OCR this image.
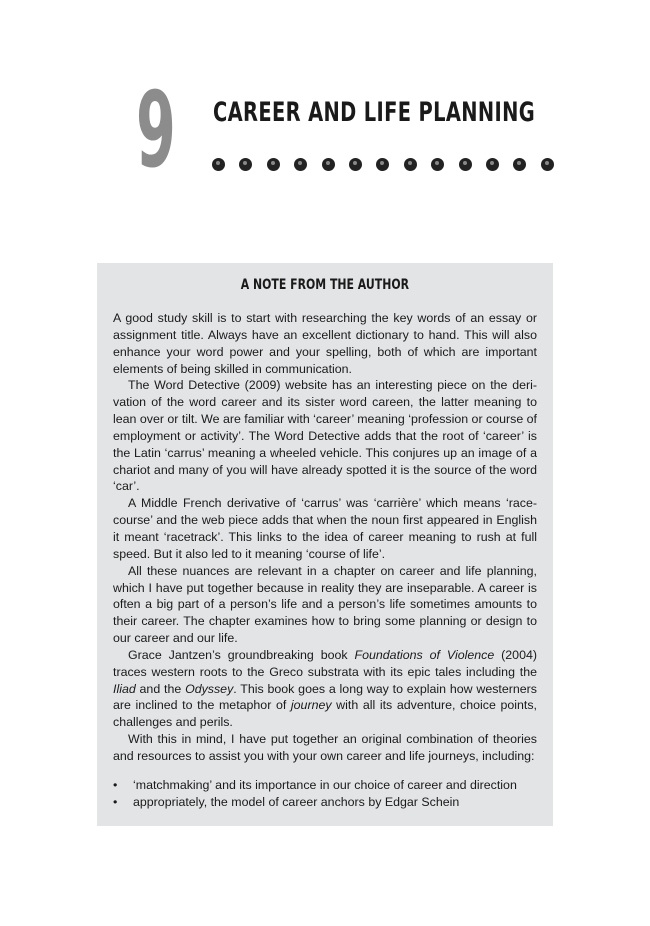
9 CAREER AND LIFE PLANNING
A NOTE FROM THE AUTHOR

A good study skill is to start with researching the key words of an essay or assignment title. Always have an excellent dictionary to hand. This will also enhance your word power and your spelling, both of which are important elements of being skilled in communication.

The Word Detective (2009) website has an interesting piece on the derivation of the word career and its sister word careen, the latter meaning to lean over or tilt. We are familiar with ‘career’ meaning ‘profession or course of employment or activity’. The Word Detective adds that the root of ‘career’ is the Latin ‘carrus’ meaning a wheeled vehicle. This conjures up an image of a chariot and many of you will have already spotted it is the source of the word ‘car’.

A Middle French derivative of ‘carrus’ was ‘carrière’ which means ‘racecourse’ and the web piece adds that when the noun first appeared in English it meant ‘racetrack’. This links to the idea of career meaning to rush at full speed. But it also led to it meaning ‘course of life’.

All these nuances are relevant in a chapter on career and life planning, which I have put together because in reality they are inseparable. A career is often a big part of a person’s life and a person’s life sometimes amounts to their career. The chapter examines how to bring some planning or design to our career and our life.

Grace Jantzen’s groundbreaking book Foundations of Violence (2004) traces western roots to the Greco substrata with its epic tales including the Iliad and the Odyssey. This book goes a long way to explain how westerners are inclined to the metaphor of journey with all its adventure, choice points, challenges and perils.

With this in mind, I have put together an original combination of theories and resources to assist you with your own career and life journeys, including:

• ‘matchmaking’ and its importance in our choice of career and direction
• appropriately, the model of career anchors by Edgar Schein
